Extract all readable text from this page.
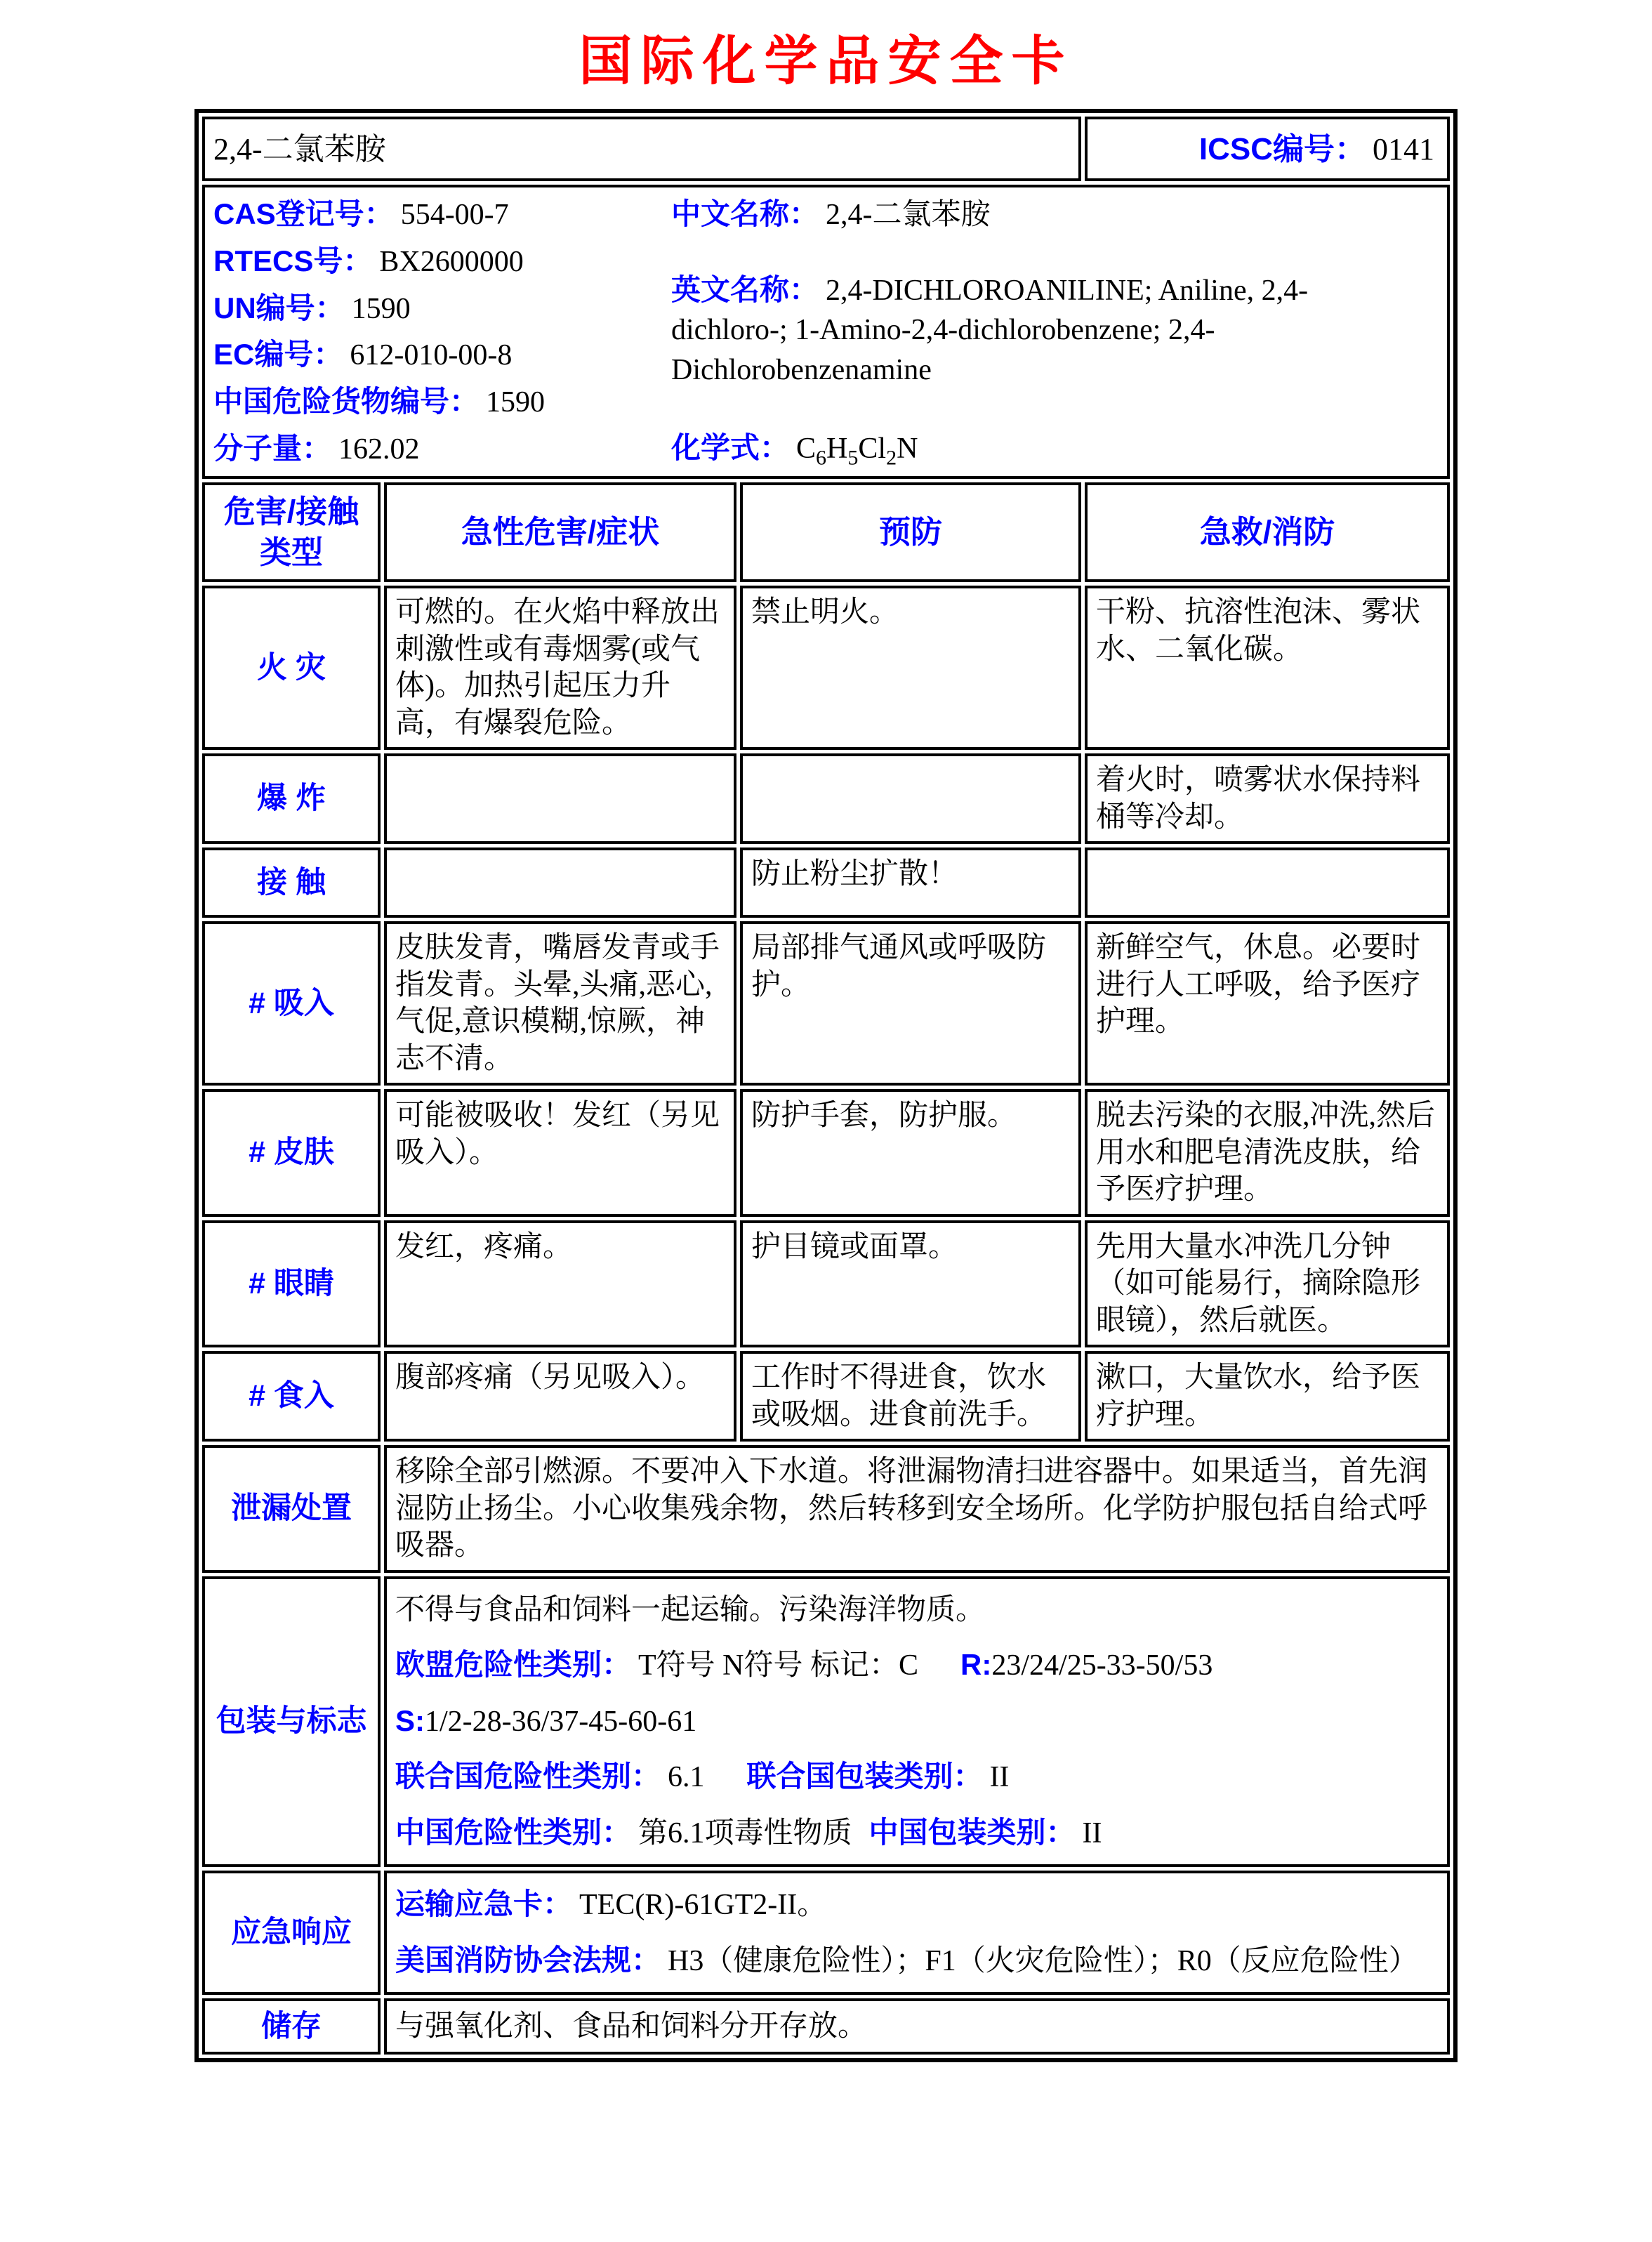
国际化学品安全卡
2,4-二氯苯胺			ICSC编号： 0141

CAS登记号： 554-00-7
RTECS号： BX2600000
UN编号： 1590
EC编号： 612-010-00-8
中国危险货物编号： 1590
分子量： 162.02

中文名称： 2,4-二氯苯胺

英文名称： 2,4-DICHLOROANILINE; Aniline, 2,4-dichloro-; 1-Amino-2,4-dichlorobenzene; 2,4-Dichlorobenzenamine

化学式： $C_6H_5Cl_2N$

危害/接触类型	急性危害/症状	预防	急救/消防
火 灾	可燃的。在火焰中释放出刺激性或有毒烟雾(或气体)。加热引起压力升高，有爆裂危险。	禁止明火。	干粉、抗溶性泡沫、雾状水、二氧化碳。
爆 炸			着火时，喷雾状水保持料桶等冷却。
接 触		防止粉尘扩散！	
# 吸入	皮肤发青，嘴唇发青或手指发青。头晕,头痛,恶心,气促,意识模糊,惊厥，神志不清。	局部排气通风或呼吸防护。	新鲜空气，休息。必要时进行人工呼吸，给予医疗护理。
# 皮肤	可能被吸收！发红（另见吸入）。	防护手套，防护服。	脱去污染的衣服,冲洗,然后用水和肥皂清洗皮肤，给予医疗护理。
# 眼睛	发红，疼痛。	护目镜或面罩。	先用大量水冲洗几分钟（如可能易行，摘除隐形眼镜），然后就医。
# 食入	腹部疼痛（另见吸入）。	工作时不得进食，饮水或吸烟。进食前洗手。	漱口，大量饮水，给予医疗护理。
泄漏处置	移除全部引燃源。不要冲入下水道。将泄漏物清扫进容器中。如果适当，首先润湿防止扬尘。小心收集残余物，然后转移到安全场所。化学防护服包括自给式呼吸器。		

包装与标志	不得与食品和饲料一起运输。污染海洋物质。

欧盟危险性类别： T符号 N符号 标记：C R:23/24/25-33-50/53

S:1/2-28-36/37-45-60-61

联合国危险性类别： 6.1 联合国包装类别： II

中国危险性类别： 第6.1项毒性物质 中国包装类别： II		

应急响应	运输应急卡： TEC(R)-61GT2-II。

美国消防协会法规： H3（健康危险性）；F1（火灾危险性）；R0（反应危险性）		

储存	与强氧化剂、食品和饲料分开存放。		
